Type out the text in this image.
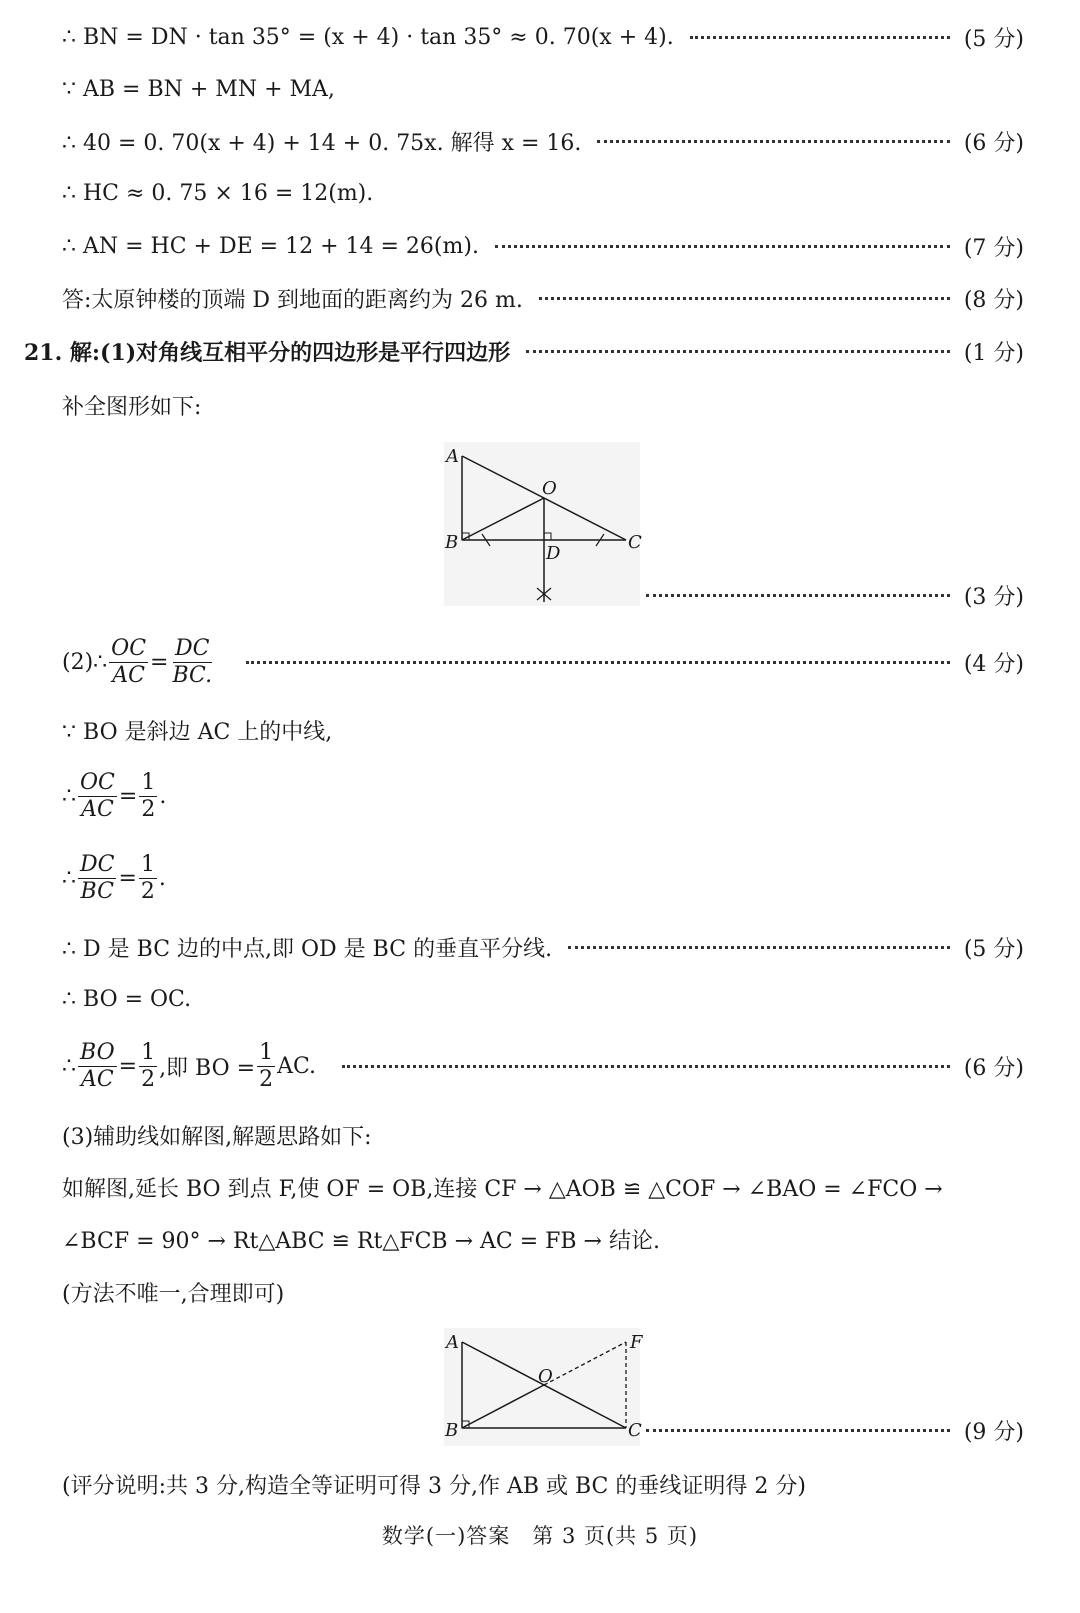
∴ BN = DN · tan 35° = (x + 4) · tan 35° ≈ 0. 70(x + 4).	(5 分)
∵ AB = BN + MN + MA,
∴ 40 = 0. 70(x + 4) + 14 + 0. 75x. 解得 x = 16.	(6 分)
∴ HC ≈ 0. 75 × 16 = 12(m).
∴ AN = HC + DE = 12 + 14 = 26(m).	(7 分)
答:太原钟楼的顶端 D 到地面的距离约为 26 m.	(8 分)
21. 解:(1)对角线互相平分的四边形是平行四边形	(1 分)
补全图形如下:
A
O
B
D
C
(3 分)
(2)∴ $\frac{OC}{AC} = \frac{DC}{BC.}$	(4 分)
∵ BO 是斜边 AC 上的中线,
∴ $\frac{OC}{AC} = \frac{1}{2}$ .
∴ $\frac{DC}{BC} = \frac{1}{2}$ .
∴ D 是 BC 边的中点,即 OD 是 BC 的垂直平分线.	(5 分)
∴ BO = OC.
∴ $\frac{BO}{AC} = \frac{1}{2}$ ,即 BO = $\frac{1}{2}$ AC.	(6 分)
(3)辅助线如解图,解题思路如下:
如解图,延长 BO 到点 F,使 OF = OB,连接 CF → △AOB ≌ △COF → ∠BAO = ∠FCO →
∠BCF = 90° → Rt△ABC ≌ Rt△FCB → AC = FB → 结论.
(方法不唯一,合理即可)
A	F
O
B	C	(9 分)
(评分说明:共 3 分,构造全等证明可得 3 分,作 AB 或 BC 的垂线证明得 2 分)
数学(一)答案　第 3 页(共 5 页)
